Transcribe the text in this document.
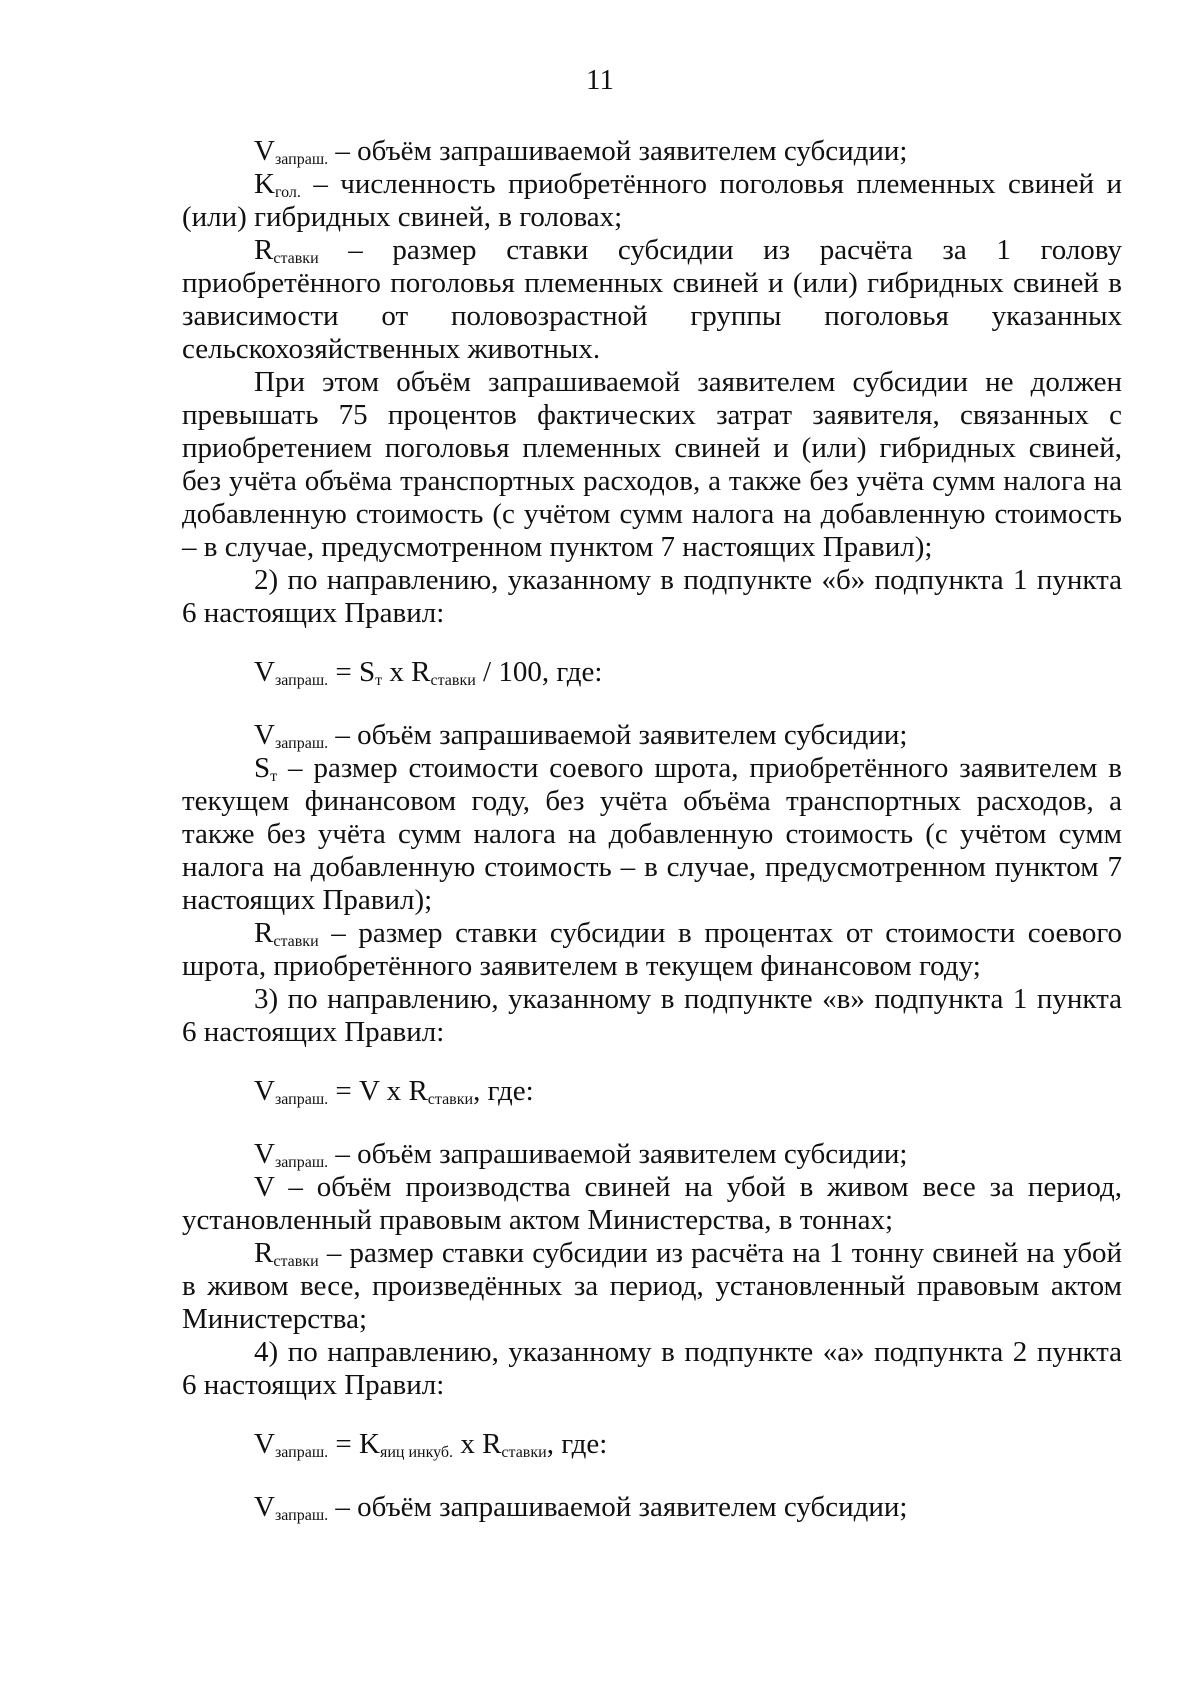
11

$V_{запраш.}$ – объём запрашиваемой заявителем субсидии;

$K_{гол.}$ – численность приобретённого поголовья племенных свиней и (или) гибридных свиней, в головах;

$R_{ставки}$ – размер ставки субсидии из расчёта за 1 голову приобретённого поголовья племенных свиней и (или) гибридных свиней в зависимости от половозрастной группы поголовья указанных сельскохозяйственных животных.

При этом объём запрашиваемой заявителем субсидии не должен превышать 75 процентов фактических затрат заявителя, связанных с приобретением поголовья племенных свиней и (или) гибридных свиней, без учёта объёма транспортных расходов, а также без учёта сумм налога на добавленную стоимость (с учётом сумм налога на добавленную стоимость – в случае, предусмотренном пунктом 7 настоящих Правил);

2) по направлению, указанному в подпункте «б» подпункта 1 пункта 6 настоящих Правил:

$V_{запраш.} = S_т$ x $R_{ставки} / 100$, где:

$V_{запраш.}$ – объём запрашиваемой заявителем субсидии;

$S_т$ – размер стоимости соевого шрота, приобретённого заявителем в текущем финансовом году, без учёта объёма транспортных расходов, а также без учёта сумм налога на добавленную стоимость (с учётом сумм налога на добавленную стоимость – в случае, предусмотренном пунктом 7 настоящих Правил);

$R_{ставки}$ – размер ставки субсидии в процентах от стоимости соевого шрота, приобретённого заявителем в текущем финансовом году;

3) по направлению, указанному в подпункте «в» подпункта 1 пункта 6 настоящих Правил:

$V_{запраш.} = V$ x $R_{ставки}$, где:

$V_{запраш.}$ – объём запрашиваемой заявителем субсидии;

V – объём производства свиней на убой в живом весе за период, установленный правовым актом Министерства, в тоннах;

$R_{ставки}$ – размер ставки субсидии из расчёта на 1 тонну свиней на убой в живом весе, произведённых за период, установленный правовым актом Министерства;

4) по направлению, указанному в подпункте «а» подпункта 2 пункта 6 настоящих Правил:

$V_{запраш.} = K_{яиц инкуб.}$ x $R_{ставки}$, где:

$V_{запраш.}$ – объём запрашиваемой заявителем субсидии;
